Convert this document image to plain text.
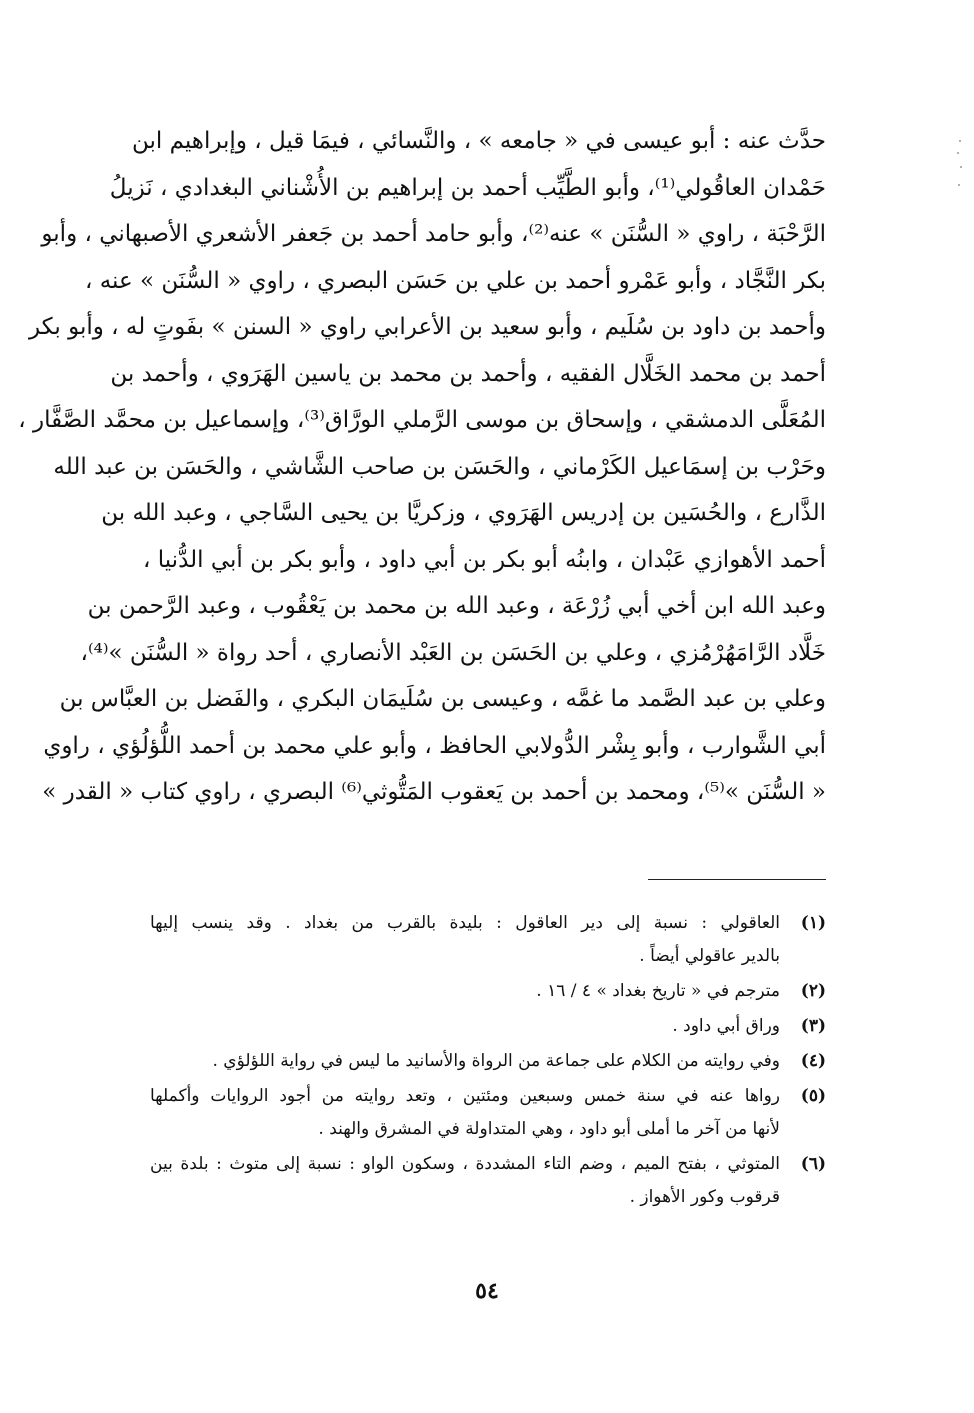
حدَّث عنه : أبو عيسى في « جامعه » ، والنَّسائي ، فيمَا قيل ، وإبراهيم ابن
حَمْدان العاقُولي⁽¹⁾، وأبو الطَّيِّب أحمد بن إبراهيم بن الأُشْناني البغدادي ، نَزيلُ
الرَّحْبَة ، راوي « السُّنَن » عنه⁽²⁾، وأبو حامد أحمد بن جَعفر الأشعري الأصبهاني ، وأبو
بكر النَّجَّاد ، وأبو عَمْرو أحمد بن علي بن حَسَن البصري ، راوي « السُّنَن » عنه ،
وأحمد بن داود بن سُلَيم ، وأبو سعيد بن الأعرابي راوي « السنن » بفَوتٍ له ، وأبو بكر
أحمد بن محمد الخَلَّال الفقيه ، وأحمد بن محمد بن ياسين الهَرَوي ، وأحمد بن
المُعَلَّى الدمشقي ، وإسحاق بن موسى الرَّملي الورَّاق⁽³⁾، وإسماعيل بن محمَّد الصَّفَّار ،
وحَرْب بن إسمَاعيل الكَرْماني ، والحَسَن بن صاحب الشَّاشي ، والحَسَن بن عبد الله
الذَّارع ، والحُسَين بن إدريس الهَرَوي ، وزكريَّا بن يحيى السَّاجي ، وعبد الله بن
أحمد الأهوازي عَبْدان ، وابنُه أبو بكر بن أبي داود ، وأبو بكر بن أبي الدُّنيا ،
وعبد الله ابن أخي أبي زُرْعَة ، وعبد الله بن محمد بن يَعْقُوب ، وعبد الرَّحمن بن
خَلَّاد الرَّامَهُرْمُزي ، وعلي بن الحَسَن بن العَبْد الأنصاري ، أحد رواة « السُّنَن »⁽⁴⁾،
وعلي بن عبد الصَّمد ما غمَّه ، وعيسى بن سُلَيمَان البكري ، والفَضل بن العبَّاس بن
أبي الشَّوارب ، وأبو بِشْر الدُّولابي الحافظ ، وأبو علي محمد بن أحمد اللُّؤلُؤي ، راوي
« السُّنَن »⁽⁵⁾، ومحمد بن أحمد بن يَعقوب المَتُّوثي⁽⁶⁾ البصري ، راوي كتاب « القدر »
(١)
العاقولي : نسبة إلى دير العاقول : بليدة بالقرب من بغداد . وقد ينسب إليها
بالدير عاقولي أيضاً .
(٢)
مترجم في « تاريخ بغداد » ٤ / ١٦ .
(٣)
وراق أبي داود .
(٤)
وفي روايته من الكلام على جماعة من الرواة والأسانيد ما ليس في رواية اللؤلؤي .
(٥)
رواها عنه في سنة خمس وسبعين ومئتين ، وتعد روايته من أجود الروايات وأكملها
لأنها من آخر ما أملى أبو داود ، وهي المتداولة في المشرق والهند .
(٦)
المتوثي ، بفتح الميم ، وضم التاء المشددة ، وسكون الواو : نسبة إلى متوث : بلدة بين
قرقوب وكور الأهواز .
٥٤
